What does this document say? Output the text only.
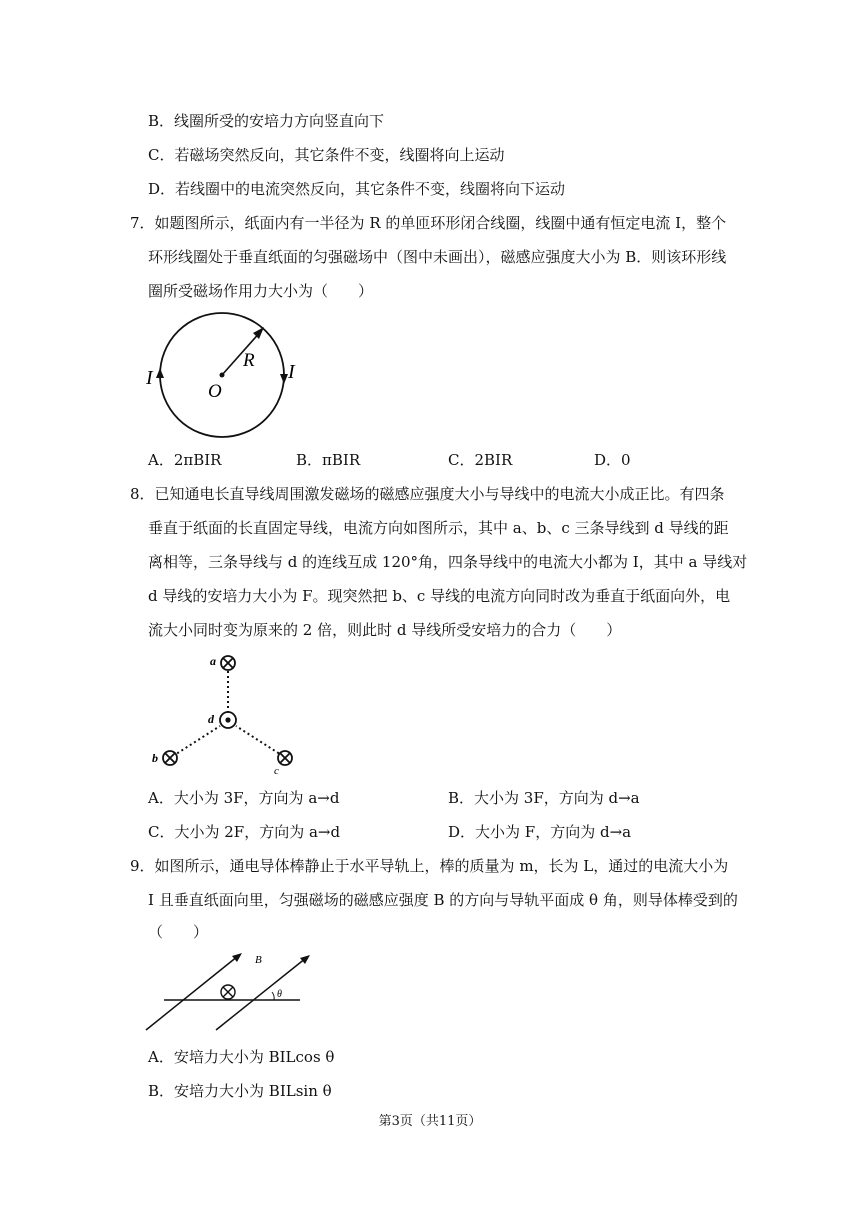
B．线圈所受的安培力方向竖直向下
C．若磁场突然反向，其它条件不变，线圈将向上运动
D．若线圈中的电流突然反向，其它条件不变，线圈将向下运动
7．如题图所示，纸面内有一半径为 R 的单匝环形闭合线圈，线圈中通有恒定电流 I，整个
环形线圈处于垂直纸面的匀强磁场中（图中未画出），磁感应强度大小为 B．则该环形线
圈所受磁场作用力大小为（　　）
I	I
R
O
A．2πBIR	B．πBIR	C．2BIR	D．0
8．已知通电长直导线周围激发磁场的磁感应强度大小与导线中的电流大小成正比。有四条
垂直于纸面的长直固定导线，电流方向如图所示，其中 a、b、c 三条导线到 d 导线的距
离相等，三条导线与 d 的连线互成 120°角，四条导线中的电流大小都为 I，其中 a 导线对
d 导线的安培力大小为 F。现突然把 b、c 导线的电流方向同时改为垂直于纸面向外，电
流大小同时变为原来的 2 倍，则此时 d 导线所受安培力的合力（　　）
a
d
b
c
A．大小为 3F，方向为 a→d	B．大小为 3F，方向为 d→a
C．大小为 2F，方向为 a→d	D．大小为 F，方向为 d→a
9．如图所示，通电导体棒静止于水平导轨上，棒的质量为 m，长为 L，通过的电流大小为
I 且垂直纸面向里，匀强磁场的磁感应强度 B 的方向与导轨平面成 θ 角，则导体棒受到的
（　　）
B
θ
A．安培力大小为 BILcos θ
B．安培力大小为 BILsin θ
第3页（共11页）
